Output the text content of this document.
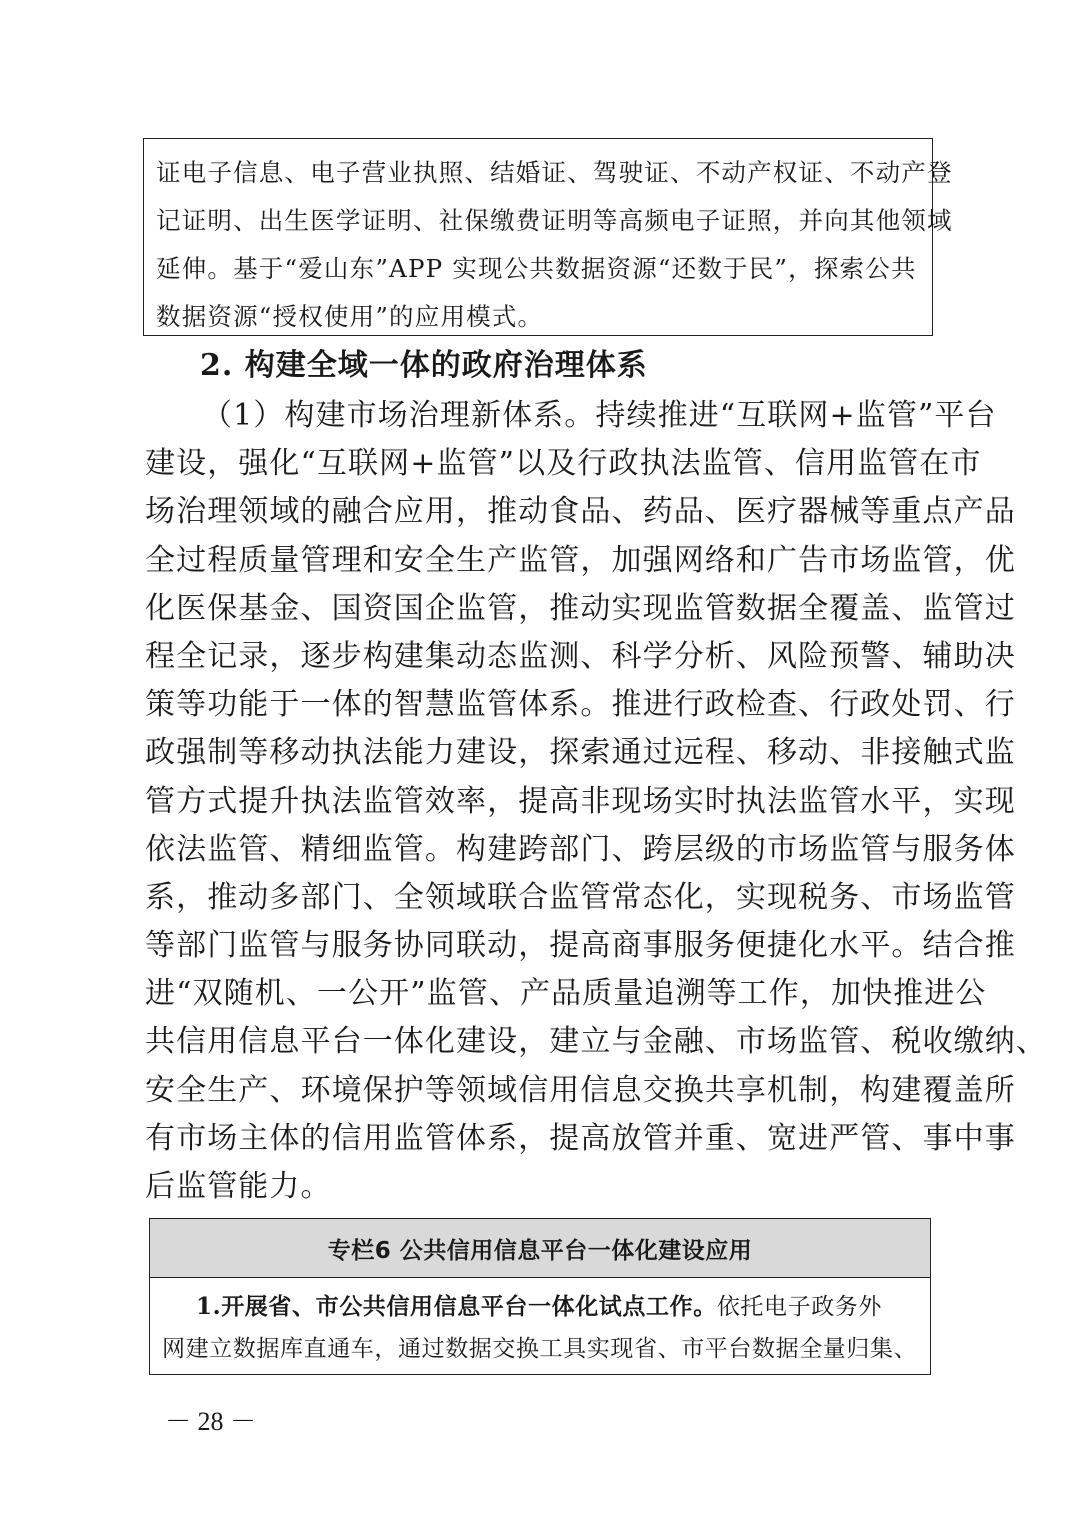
证电子信息、电子营业执照、结婚证、驾驶证、不动产权证、不动产登
记证明、出生医学证明、社保缴费证明等高频电子证照，并向其他领域
延伸。基于“爱山东”APP 实现公共数据资源“还数于民”，探索公共
数据资源“授权使用”的应用模式。
2. 构建全域一体的政府治理体系
（1）构建市场治理新体系。持续推进“互联网+监管”平台
建设，强化“互联网+监管”以及行政执法监管、信用监管在市
场治理领域的融合应用，推动食品、药品、医疗器械等重点产品
全过程质量管理和安全生产监管，加强网络和广告市场监管，优
化医保基金、国资国企监管，推动实现监管数据全覆盖、监管过
程全记录，逐步构建集动态监测、科学分析、风险预警、辅助决
策等功能于一体的智慧监管体系。推进行政检查、行政处罚、行
政强制等移动执法能力建设，探索通过远程、移动、非接触式监
管方式提升执法监管效率，提高非现场实时执法监管水平，实现
依法监管、精细监管。构建跨部门、跨层级的市场监管与服务体
系，推动多部门、全领域联合监管常态化，实现税务、市场监管
等部门监管与服务协同联动，提高商事服务便捷化水平。结合推
进“双随机、一公开”监管、产品质量追溯等工作，加快推进公
共信用信息平台一体化建设，建立与金融、市场监管、税收缴纳、
安全生产、环境保护等领域信用信息交换共享机制，构建覆盖所
有市场主体的信用监管体系，提高放管并重、宽进严管、事中事
后监管能力。
专栏6 公共信用信息平台一体化建设应用
1.开展省、市公共信用信息平台一体化试点工作。依托电子政务外
网建立数据库直通车，通过数据交换工具实现省、市平台数据全量归集、
－ 28 －
